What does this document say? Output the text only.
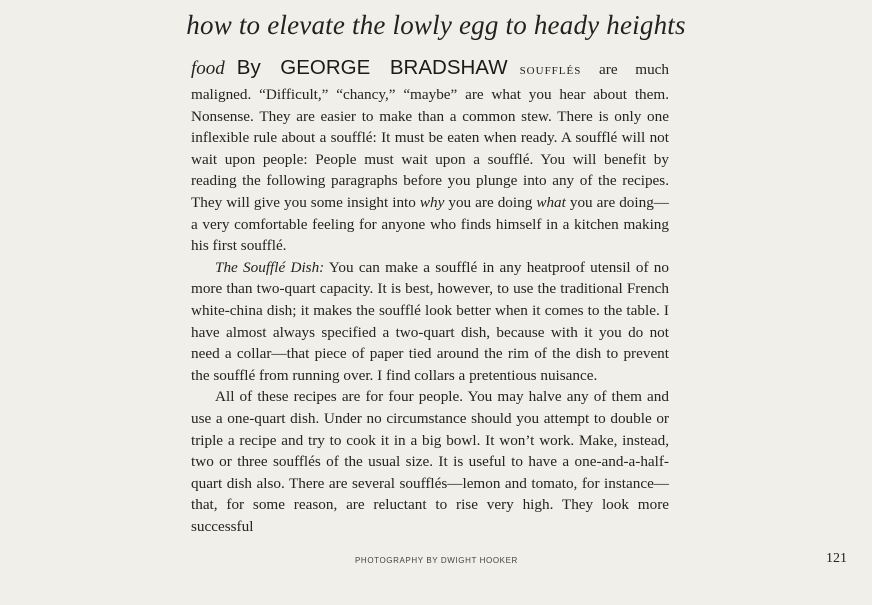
how to elevate the lowly egg to heady heights

food By GEORGE BRADSHAW soufflés are much maligned. “Difficult,” “chancy,” “maybe” are what you hear about them. Nonsense. They are easier to make than a common stew. There is only one inflexible rule about a soufflé: It must be eaten when ready. A soufflé will not wait upon people: People must wait upon a soufflé. You will benefit by reading the following paragraphs before you plunge into any of the recipes. They will give you some insight into why you are doing what you are doing—a very comfortable feeling for anyone who finds himself in a kitchen making his first soufflé.

The Soufflé Dish: You can make a soufflé in any heatproof utensil of no more than two-quart capacity. It is best, however, to use the traditional French white-china dish; it makes the soufflé look better when it comes to the table. I have almost always specified a two-quart dish, because with it you do not need a collar—that piece of paper tied around the rim of the dish to prevent the soufflé from running over. I find collars a pretentious nuisance.

All of these recipes are for four people. You may halve any of them and use a one-quart dish. Under no circumstance should you attempt to double or triple a recipe and try to cook it in a big bowl. It won’t work. Make, instead, two or three soufflés of the usual size. It is useful to have a one-and-a-half-quart dish also. There are several soufflés—lemon and tomato, for instance—that, for some reason, are reluctant to rise very high. They look more successful

PHOTOGRAPHY BY DWIGHT HOOKER	121
